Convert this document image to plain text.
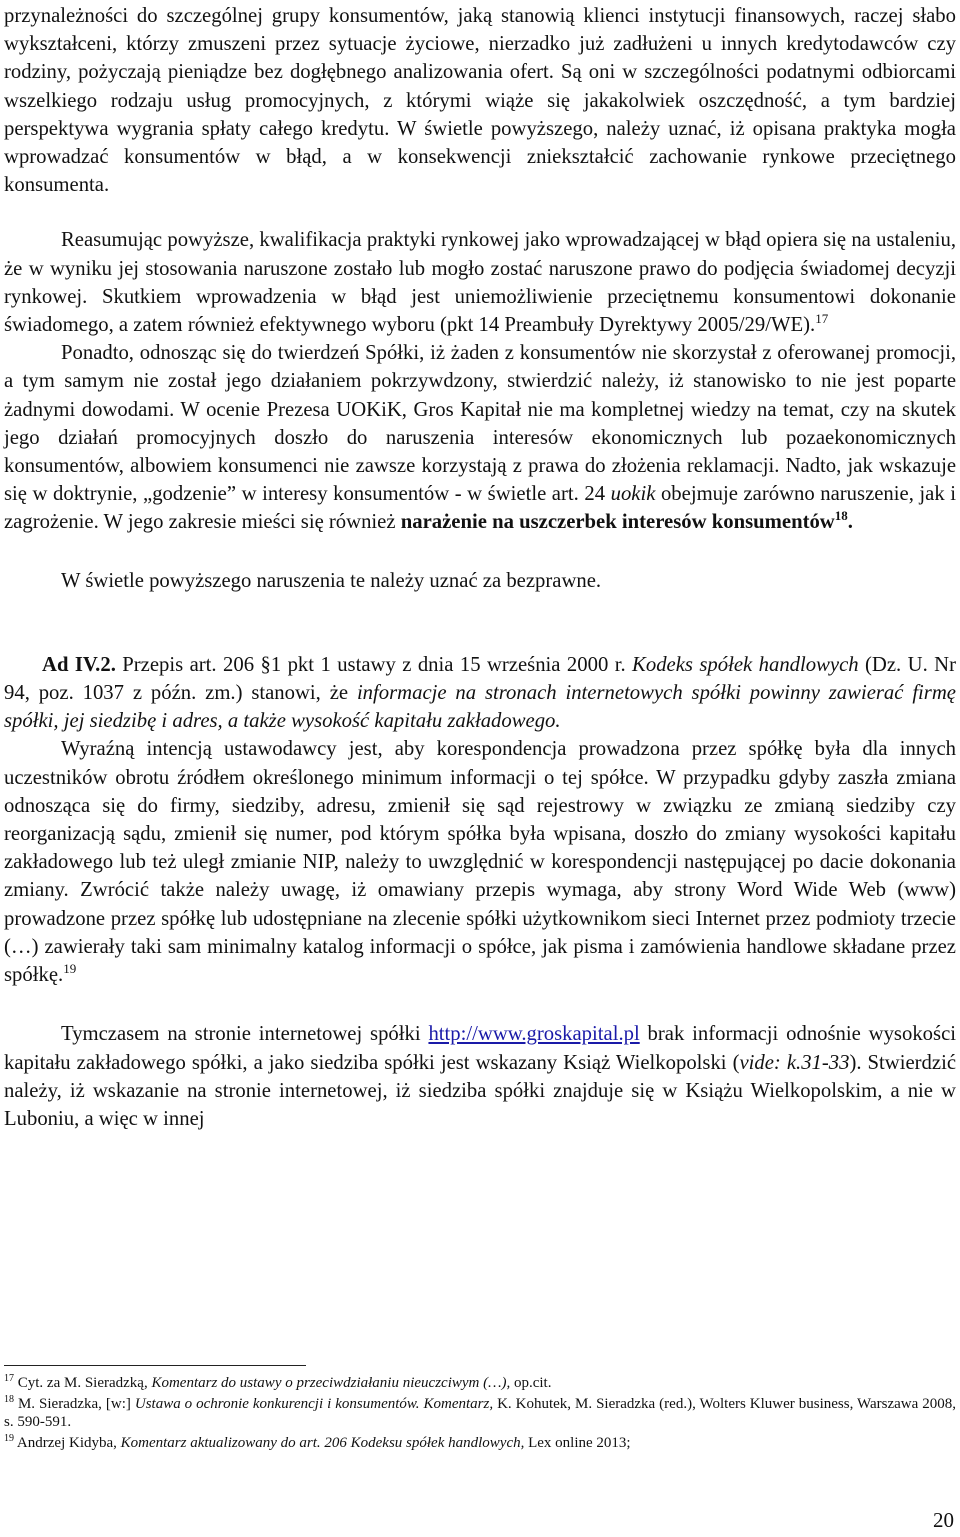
przynależności do szczególnej grupy konsumentów, jaką stanowią klienci instytucji finansowych, raczej słabo wykształceni, którzy zmuszeni przez sytuacje życiowe, nierzadko już zadłużeni u innych kredytodawców czy rodziny, pożyczają pieniądze bez dogłębnego analizowania ofert. Są oni w szczególności podatnymi odbiorcami wszelkiego rodzaju usług promocyjnych, z którymi wiąże się jakakolwiek oszczędność, a tym bardziej perspektywa wygrania spłaty całego kredytu. W świetle powyższego, należy uznać, iż opisana praktyka mogła wprowadzać konsumentów w błąd, a w konsekwencji zniekształcić zachowanie rynkowe przeciętnego konsumenta.

Reasumując powyższe, kwalifikacja praktyki rynkowej jako wprowadzającej w błąd opiera się na ustaleniu, że w wyniku jej stosowania naruszone zostało lub mogło zostać naruszone prawo do podjęcia świadomej decyzji rynkowej. Skutkiem wprowadzenia w błąd jest uniemożliwienie przeciętnemu konsumentowi dokonanie świadomego, a zatem również efektywnego wyboru (pkt 14 Preambuły Dyrektywy 2005/29/WE).$^{17}$

Ponadto, odnosząc się do twierdzeń Spółki, iż żaden z konsumentów nie skorzystał z oferowanej promocji, a tym samym nie został jego działaniem pokrzywdzony, stwierdzić należy, iż stanowisko to nie jest poparte żadnymi dowodami. W ocenie Prezesa UOKiK, Gros Kapitał nie ma kompletnej wiedzy na temat, czy na skutek jego działań promocyjnych doszło do naruszenia interesów ekonomicznych lub pozaekonomicznych konsumentów, albowiem konsumenci nie zawsze korzystają z prawa do złożenia reklamacji. Nadto, jak wskazuje się w doktrynie, „godzenie” w interesy konsumentów - w świetle art. 24 uokik obejmuje zarówno naruszenie, jak i zagrożenie. W jego zakresie mieści się również narażenie na uszczerbek interesów konsumentów$^{18}$.

W świetle powyższego naruszenia te należy uznać za bezprawne.

Ad IV.2. Przepis art. 206 §1 pkt 1 ustawy z dnia 15 września 2000 r. Kodeks spółek handlowych (Dz. U. Nr 94, poz. 1037 z późn. zm.) stanowi, że informacje na stronach internetowych spółki powinny zawierać firmę spółki, jej siedzibę i adres, a także wysokość kapitału zakładowego.

Wyraźną intencją ustawodawcy jest, aby korespondencja prowadzona przez spółkę była dla innych uczestników obrotu źródłem określonego minimum informacji o tej spółce. W przypadku gdyby zaszła zmiana odnosząca się do firmy, siedziby, adresu, zmienił się sąd rejestrowy w związku ze zmianą siedziby czy reorganizacją sądu, zmienił się numer, pod którym spółka była wpisana, doszło do zmiany wysokości kapitału zakładowego lub też uległ zmianie NIP, należy to uwzględnić w korespondencji następującej po dacie dokonania zmiany. Zwrócić także należy uwagę, iż omawiany przepis wymaga, aby strony Word Wide Web (www) prowadzone przez spółkę lub udostępniane na zlecenie spółki użytkownikom sieci Internet przez podmioty trzecie (…) zawierały taki sam minimalny katalog informacji o spółce, jak pisma i zamówienia handlowe składane przez spółkę.$^{19}$

Tymczasem na stronie internetowej spółki http://www.groskapital.pl brak informacji odnośnie wysokości kapitału zakładowego spółki, a jako siedziba spółki jest wskazany Książ Wielkopolski (vide: k.31-33). Stwierdzić należy, iż wskazanie na stronie internetowej, iż siedziba spółki znajduje się w Książu Wielkopolskim, a nie w Luboniu, a więc w innej

$^{17}$ Cyt. za M. Sieradzką, Komentarz do ustawy o przeciwdziałaniu nieuczciwym (…), op.cit.

$^{18}$ M. Sieradzka, [w:] Ustawa o ochronie konkurencji i konsumentów. Komentarz, K. Kohutek, M. Sieradzka (red.), Wolters Kluwer business, Warszawa 2008, s. 590-591.

$^{19}$ Andrzej Kidyba, Komentarz aktualizowany do art. 206 Kodeksu spółek handlowych, Lex online 2013;

20
